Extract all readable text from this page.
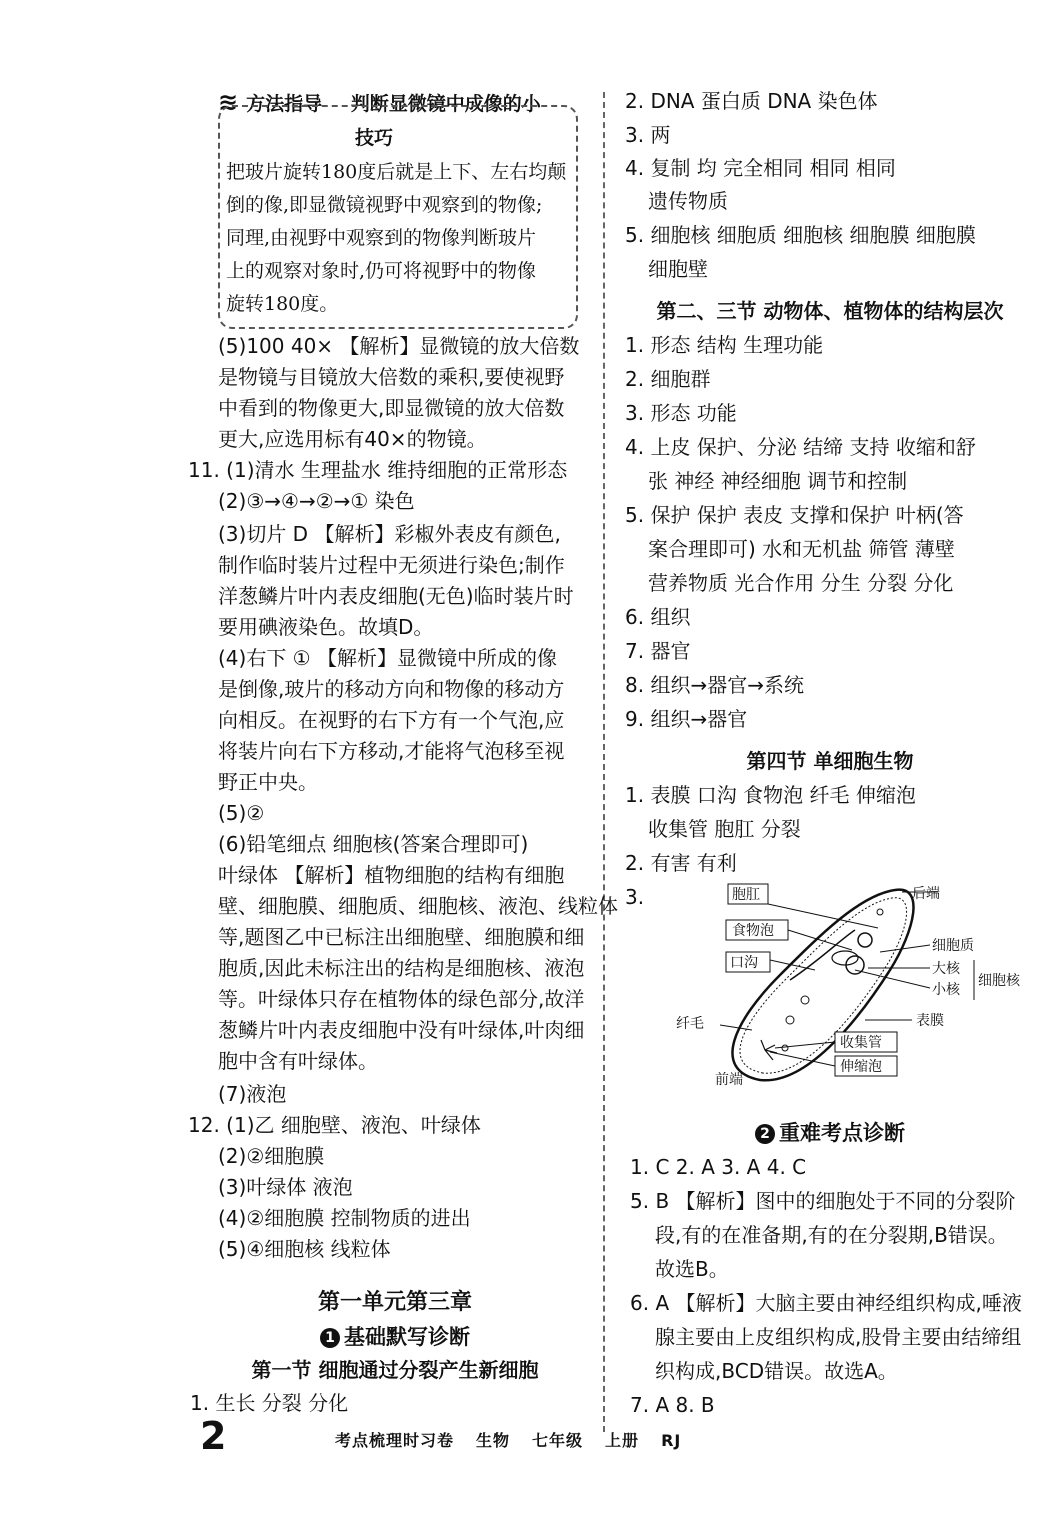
≋ 方法指导 判断显微镜中成像的小
技巧
把玻片旋转180度后就是上下、左右均颠
倒的像,即显微镜视野中观察到的物像;
同理,由视野中观察到的物像判断玻片
上的观察对象时,仍可将视野中的物像
旋转180度。
(5)100 40× 【解析】显微镜的放大倍数
是物镜与目镜放大倍数的乘积,要使视野
中看到的物像更大,即显微镜的放大倍数
更大,应选用标有40×的物镜。
11. (1)清水 生理盐水 维持细胞的正常形态
(2)③→④→②→① 染色
(3)切片 D 【解析】彩椒外表皮有颜色,
制作临时装片过程中无须进行染色;制作
洋葱鳞片叶内表皮细胞(无色)临时装片时
要用碘液染色。故填D。
(4)右下 ① 【解析】显微镜中所成的像
是倒像,玻片的移动方向和物像的移动方
向相反。在视野的右下方有一个气泡,应
将装片向右下方移动,才能将气泡移至视
野正中央。
(5)②
(6)铅笔细点 细胞核(答案合理即可)
叶绿体 【解析】植物细胞的结构有细胞
壁、细胞膜、细胞质、细胞核、液泡、线粒体
等,题图乙中已标注出细胞壁、细胞膜和细
胞质,因此未标注出的结构是细胞核、液泡
等。叶绿体只存在植物体的绿色部分,故洋
葱鳞片叶内表皮细胞中没有叶绿体,叶肉细
胞中含有叶绿体。
(7)液泡
12. (1)乙 细胞壁、液泡、叶绿体
(2)②细胞膜
(3)叶绿体 液泡
(4)②细胞膜 控制物质的进出
(5)④细胞核 线粒体
第一单元第三章
1 基础默写诊断
第一节 细胞通过分裂产生新细胞
1. 生长 分裂 分化
2. DNA 蛋白质 DNA 染色体
3. 两
4. 复制 均 完全相同 相同 相同
遗传物质
5. 细胞核 细胞质 细胞核 细胞膜 细胞膜
细胞壁
第二、三节 动物体、植物体的结构层次
1. 形态 结构 生理功能
2. 细胞群
3. 形态 功能
4. 上皮 保护、分泌 结缔 支持 收缩和舒
张 神经 神经细胞 调节和控制
5. 保护 保护 表皮 支撑和保护 叶柄(答
案合理即可) 水和无机盐 筛管 薄壁
营养物质 光合作用 分生 分裂 分化
6. 组织
7. 器官
8. 组织→器官→系统
9. 组织→器官
第四节 单细胞生物
1. 表膜 口沟 食物泡 纤毛 伸缩泡
收集管 胞肛 分裂
2. 有害 有利
3.	胞肛	后端
食物泡
细胞质
口沟	大核
小核
细胞核
纤毛	表膜
收集管
伸缩泡
前端
2 重难考点诊断
1. C 2. A 3. A 4. C
5. B 【解析】图中的细胞处于不同的分裂阶
段,有的在准备期,有的在分裂期,B错误。
故选B。
6. A 【解析】大脑主要由神经组织构成,唾液
腺主要由上皮组织构成,股骨主要由结缔组
织构成,BCD错误。故选A。
7. A 8. B
2	考点梳理时习卷 生物 七年级 上册 RJ
